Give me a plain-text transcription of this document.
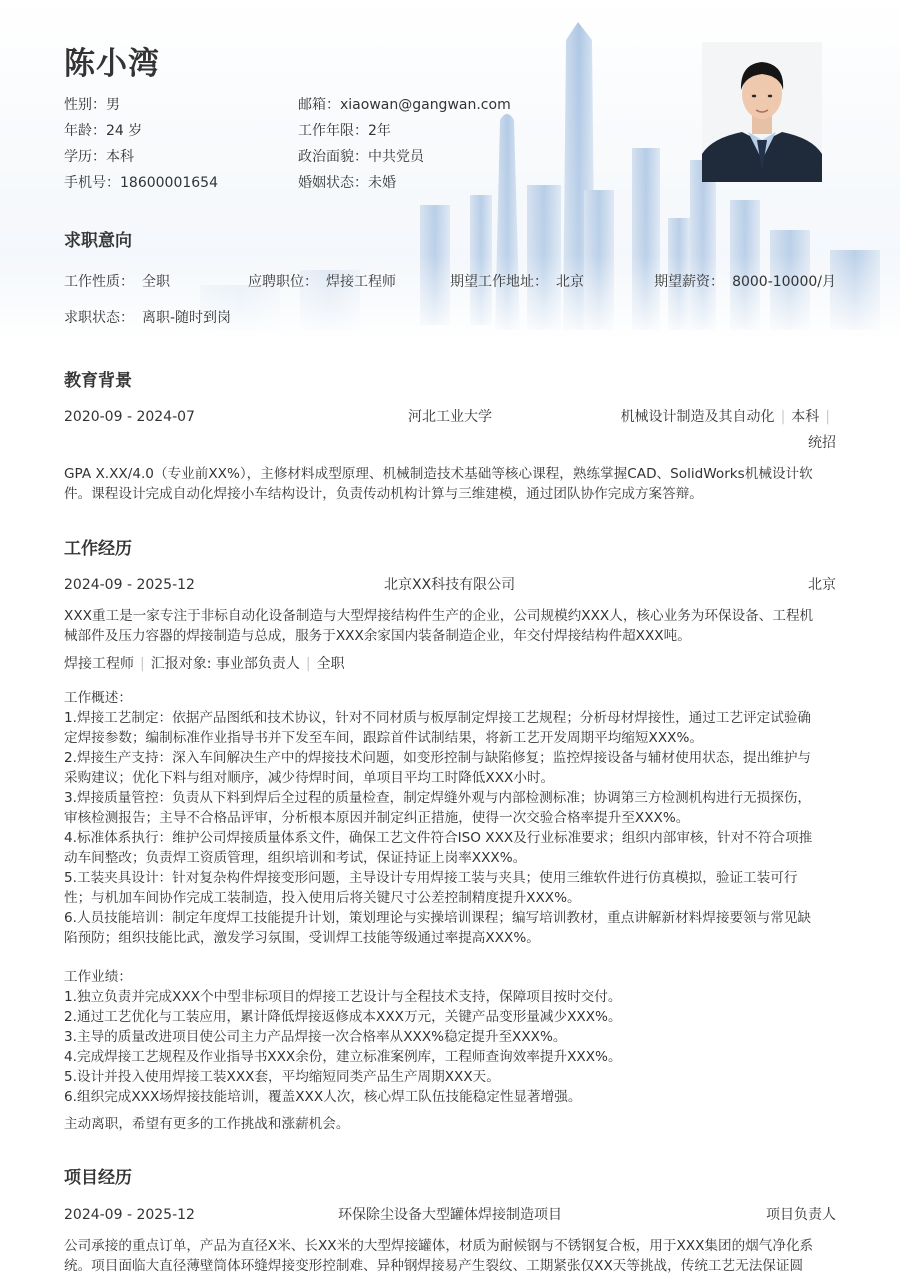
陈小湾
性别：男
年龄：24 岁
学历：本科
手机号：18600001654
邮箱：xiaowan@gangwan.com
工作年限：2年
政治面貌：中共党员
婚姻状态：未婚
求职意向
工作性质： 全职	应聘职位： 焊接工程师	期望工作地址： 北京	期望薪资： 8000-10000/月
求职状态： 离职-随时到岗
教育背景
2020-09 - 2024-07	河北工业大学	机械设计制造及其自动化 | 本科 |
统招
GPA X.XX/4.0（专业前XX%），主修材料成型原理、机械制造技术基础等核心课程，熟练掌握CAD、SolidWorks机械设计软
件。课程设计完成自动化焊接小车结构设计，负责传动机构计算与三维建模，通过团队协作完成方案答辩。
工作经历
2024-09 - 2025-12	北京XX科技有限公司	北京
XXX重工是一家专注于非标自动化设备制造与大型焊接结构件生产的企业，公司规模约XXX人，核心业务为环保设备、工程机
械部件及压力容器的焊接制造与总成，服务于XXX余家国内装备制造企业，年交付焊接结构件超XXX吨。
焊接工程师 | 汇报对象: 事业部负责人 | 全职
工作概述：
1.焊接工艺制定：依据产品图纸和技术协议，针对不同材质与板厚制定焊接工艺规程；分析母材焊接性，通过工艺评定试验确
定焊接参数；编制标准作业指导书并下发至车间，跟踪首件试制结果，将新工艺开发周期平均缩短XXX%。
2.焊接生产支持：深入车间解决生产中的焊接技术问题，如变形控制与缺陷修复；监控焊接设备与辅材使用状态，提出维护与
采购建议；优化下料与组对顺序，减少待焊时间，单项目平均工时降低XXX小时。
3.焊接质量管控：负责从下料到焊后全过程的质量检查，制定焊缝外观与内部检测标准；协调第三方检测机构进行无损探伤，
审核检测报告；主导不合格品评审，分析根本原因并制定纠正措施，使得一次交验合格率提升至XXX%。
4.标准体系执行：维护公司焊接质量体系文件，确保工艺文件符合ISO XXX及行业标准要求；组织内部审核，针对不符合项推
动车间整改；负责焊工资质管理，组织培训和考试，保证持证上岗率XXX%。
5.工装夹具设计：针对复杂构件焊接变形问题，主导设计专用焊接工装与夹具；使用三维软件进行仿真模拟，验证工装可行
性；与机加车间协作完成工装制造，投入使用后将关键尺寸公差控制精度提升XXX%。
6.人员技能培训：制定年度焊工技能提升计划，策划理论与实操培训课程；编写培训教材，重点讲解新材料焊接要领与常见缺
陷预防；组织技能比武，激发学习氛围，受训焊工技能等级通过率提高XXX%。
工作业绩：
1.独立负责并完成XXX个中型非标项目的焊接工艺设计与全程技术支持，保障项目按时交付。
2.通过工艺优化与工装应用，累计降低焊接返修成本XXX万元，关键产品变形量减少XXX%。
3.主导的质量改进项目使公司主力产品焊接一次合格率从XXX%稳定提升至XXX%。
4.完成焊接工艺规程及作业指导书XXX余份，建立标准案例库，工程师查询效率提升XXX%。
5.设计并投入使用焊接工装XXX套，平均缩短同类产品生产周期XXX天。
6.组织完成XXX场焊接技能培训，覆盖XXX人次，核心焊工队伍技能稳定性显著增强。
主动离职，希望有更多的工作挑战和涨薪机会。
项目经历
2024-09 - 2025-12	环保除尘设备大型罐体焊接制造项目	项目负责人
公司承接的重点订单，产品为直径X米、长XX米的大型焊接罐体，材质为耐候钢与不锈钢复合板，用于XXX集团的烟气净化系
统。项目面临大直径薄壁筒体环缝焊接变形控制难、异种钢焊接易产生裂纹、工期紧张仅XX天等挑战，传统工艺无法保证圆
